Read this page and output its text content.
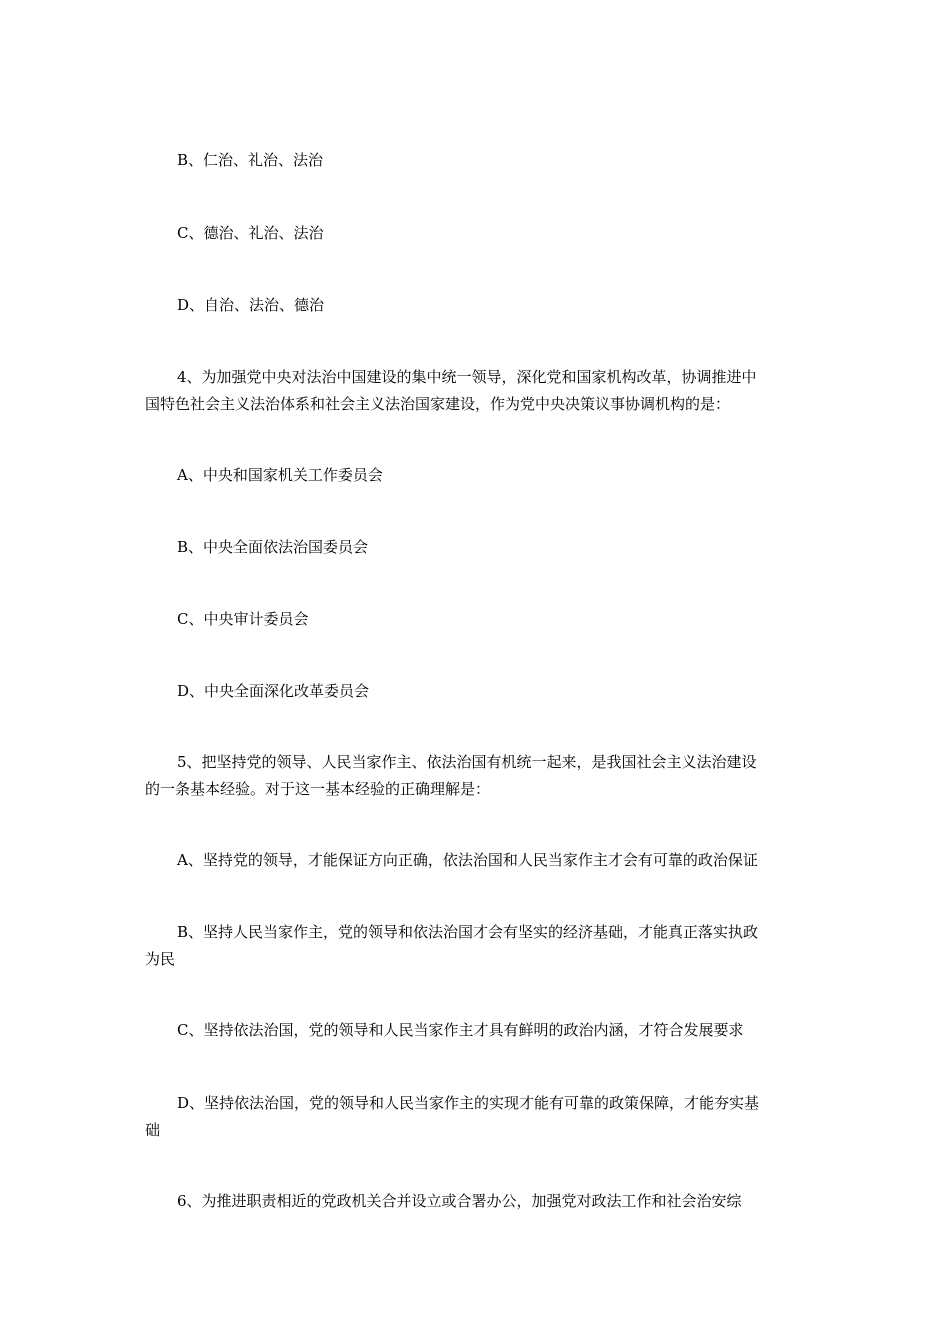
B、仁治、礼治、法治
C、德治、礼治、法治
D、自治、法治、德治
4、为加强党中央对法治中国建设的集中统一领导，深化党和国家机构改革，协调推进中
国特色社会主义法治体系和社会主义法治国家建设，作为党中央决策议事协调机构的是：
A、中央和国家机关工作委员会
B、中央全面依法治国委员会
C、中央审计委员会
D、中央全面深化改革委员会
5、把坚持党的领导、人民当家作主、依法治国有机统一起来，是我国社会主义法治建设
的一条基本经验。对于这一基本经验的正确理解是：
A、坚持党的领导，才能保证方向正确，依法治国和人民当家作主才会有可靠的政治保证
B、坚持人民当家作主，党的领导和依法治国才会有坚实的经济基础，才能真正落实执政
为民
C、坚持依法治国，党的领导和人民当家作主才具有鲜明的政治内涵，才符合发展要求
D、坚持依法治国，党的领导和人民当家作主的实现才能有可靠的政策保障，才能夯实基
础
6、为推进职责相近的党政机关合并设立或合署办公，加强党对政法工作和社会治安综
